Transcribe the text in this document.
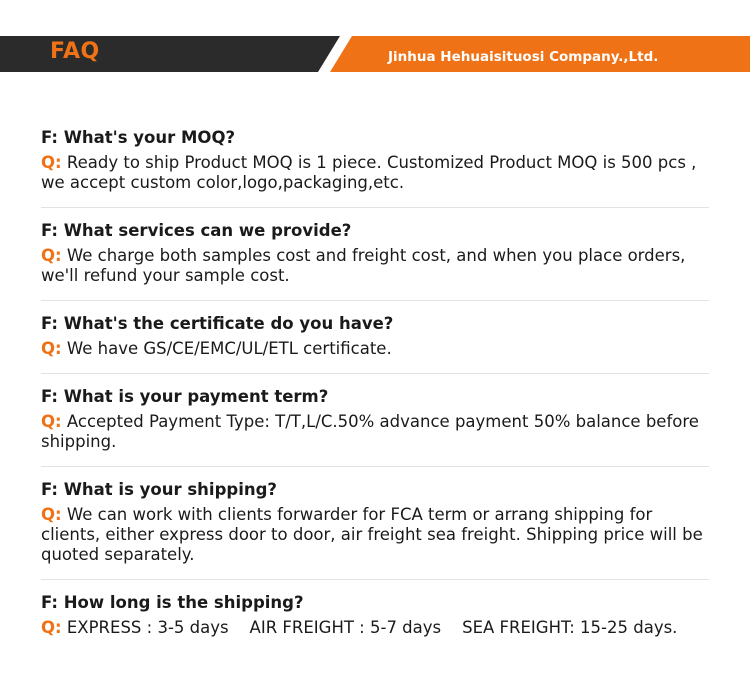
FAQ	Jinhua Hehuaisituosi Company.,Ltd.
F: What's your MOQ?

Q: Ready to ship Product MOQ is 1 piece. Customized Product MOQ is 500 pcs , we accept custom color,logo,packaging,etc.

F: What services can we provide?

Q: We charge both samples cost and freight cost, and when you place orders, we'll refund your sample cost.

F: What's the certificate do you have?

Q: We have GS/CE/EMC/UL/ETL certificate.

F: What is your payment term?

Q: Accepted Payment Type: T/T,L/C.50% advance payment 50% balance before shipping.

F: What is your shipping?

Q: We can work with clients forwarder for FCA term or arrang shipping for clients, either express door to door, air freight sea freight. Shipping price will be quoted separately.

F: How long is the shipping?

Q: EXPRESS : 3-5 days    AIR FREIGHT : 5-7 days    SEA FREIGHT: 15-25 days.
